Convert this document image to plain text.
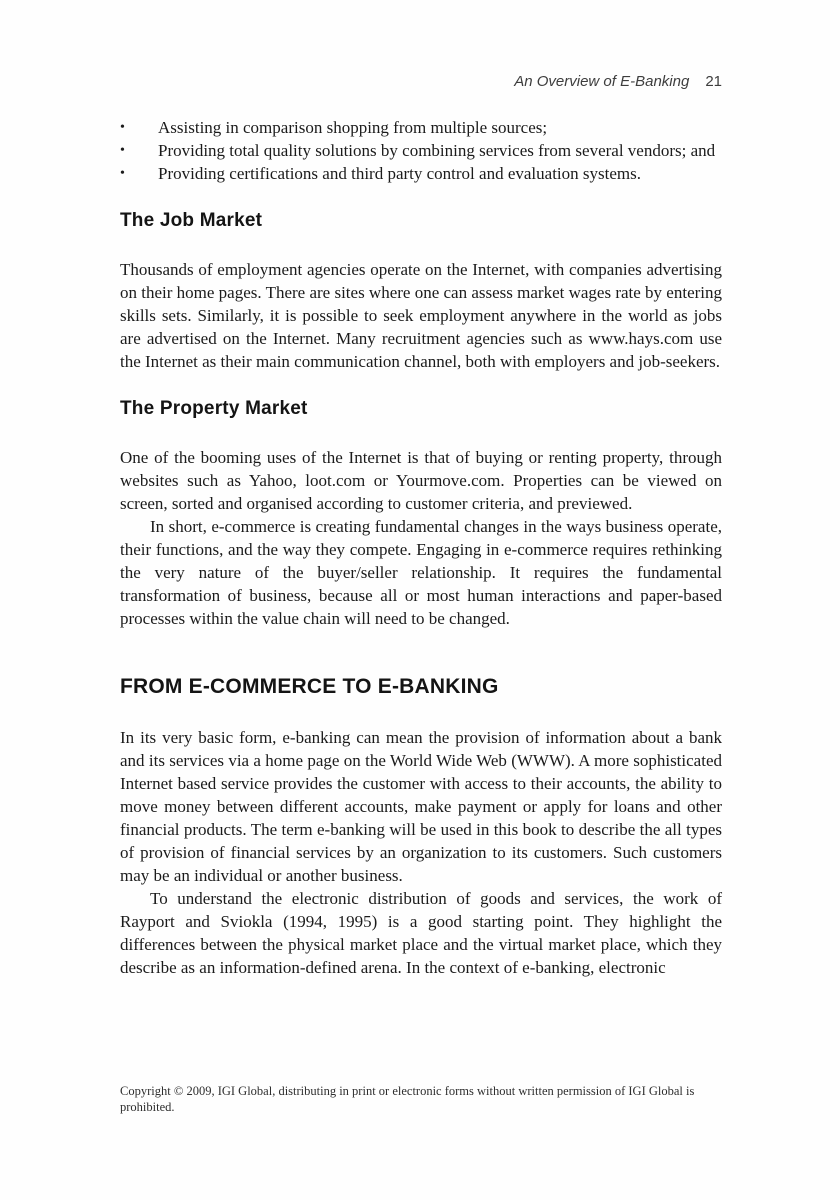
An Overview of E-Banking 21
•	Assisting in comparison shopping from multiple sources;
•	Providing total quality solutions by combining services from several vendors; and
•	Providing certifications and third party control and evaluation systems.
The Job Market

Thousands of employment agencies operate on the Internet, with companies advertising on their home pages. There are sites where one can assess market wages rate by entering skills sets. Similarly, it is possible to seek employment anywhere in the world as jobs are advertised on the Internet. Many recruitment agencies such as www.hays.com use the Internet as their main communication channel, both with employers and job-seekers.

The Property Market

One of the booming uses of the Internet is that of buying or renting property, through websites such as Yahoo, loot.com or Yourmove.com. Properties can be viewed on screen, sorted and organised according to customer criteria, and previewed.

In short, e-commerce is creating fundamental changes in the ways business operate, their functions, and the way they compete. Engaging in e-commerce requires rethinking the very nature of the buyer/seller relationship. It requires the fundamental transformation of business, because all or most human interactions and paper-based processes within the value chain will need to be changed.

FROM E-COMMERCE TO E-BANKING

In its very basic form, e-banking can mean the provision of information about a bank and its services via a home page on the World Wide Web (WWW). A more sophisticated Internet based service provides the customer with access to their accounts, the ability to move money between different accounts, make payment or apply for loans and other financial products. The term e-banking will be used in this book to describe the all types of provision of financial services by an organization to its customers. Such customers may be an individual or another business.

To understand the electronic distribution of goods and services, the work of Rayport and Sviokla (1994, 1995) is a good starting point. They highlight the differences between the physical market place and the virtual market place, which they describe as an information-defined arena. In the context of e-banking, electronic

Copyright © 2009, IGI Global, distributing in print or electronic forms without written permission of IGI Global is prohibited.
